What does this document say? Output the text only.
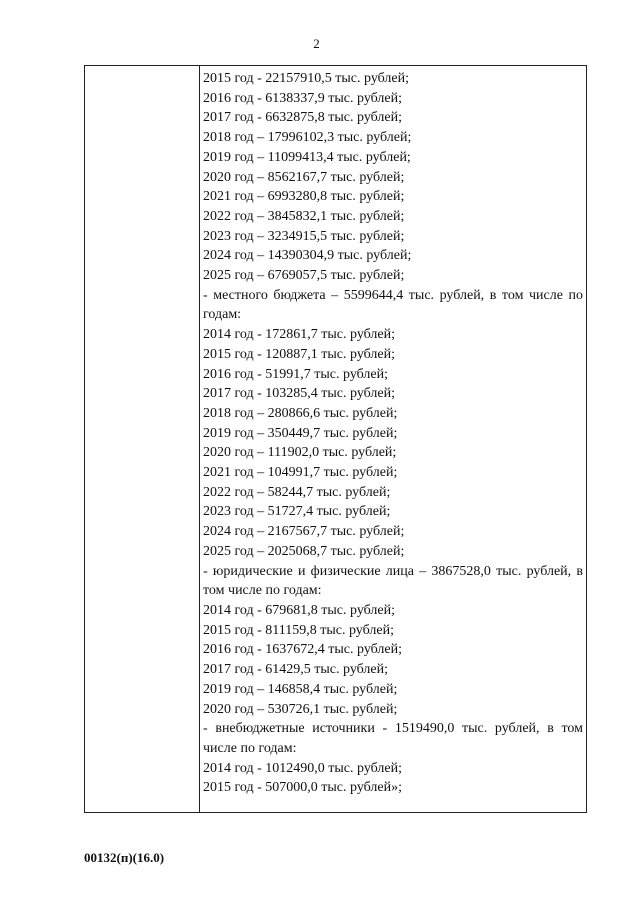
2
2015 год - 22157910,5 тыс. рублей;
2016 год - 6138337,9 тыс. рублей;
2017 год - 6632875,8 тыс. рублей;
2018 год – 17996102,3 тыс. рублей;
2019 год – 11099413,4 тыс. рублей;
2020 год – 8562167,7 тыс. рублей;
2021 год – 6993280,8 тыс. рублей;
2022 год – 3845832,1 тыс. рублей;
2023 год – 3234915,5 тыс. рублей;
2024 год – 14390304,9 тыс. рублей;
2025 год – 6769057,5 тыс. рублей;
- местного бюджета – 5599644,4 тыс. рублей, в том числе по годам:
2014 год - 172861,7 тыс. рублей;
2015 год - 120887,1 тыс. рублей;
2016 год - 51991,7 тыс. рублей;
2017 год - 103285,4 тыс. рублей;
2018 год – 280866,6 тыс. рублей;
2019 год – 350449,7 тыс. рублей;
2020 год – 111902,0 тыс. рублей;
2021 год – 104991,7 тыс. рублей;
2022 год – 58244,7 тыс. рублей;
2023 год – 51727,4 тыс. рублей;
2024 год – 2167567,7 тыс. рублей;
2025 год – 2025068,7 тыс. рублей;
- юридические и физические лица – 3867528,0 тыс. рублей, в том числе по годам:
2014 год - 679681,8 тыс. рублей;
2015 год - 811159,8 тыс. рублей;
2016 год - 1637672,4 тыс. рублей;
2017 год - 61429,5 тыс. рублей;
2019 год – 146858,4 тыс. рублей;
2020 год – 530726,1 тыс. рублей;
- внебюджетные источники - 1519490,0 тыс. рублей, в том числе по годам:
2014 год - 1012490,0 тыс. рублей;
2015 год - 507000,0 тыс. рублей»;
00132(п)(16.0)
